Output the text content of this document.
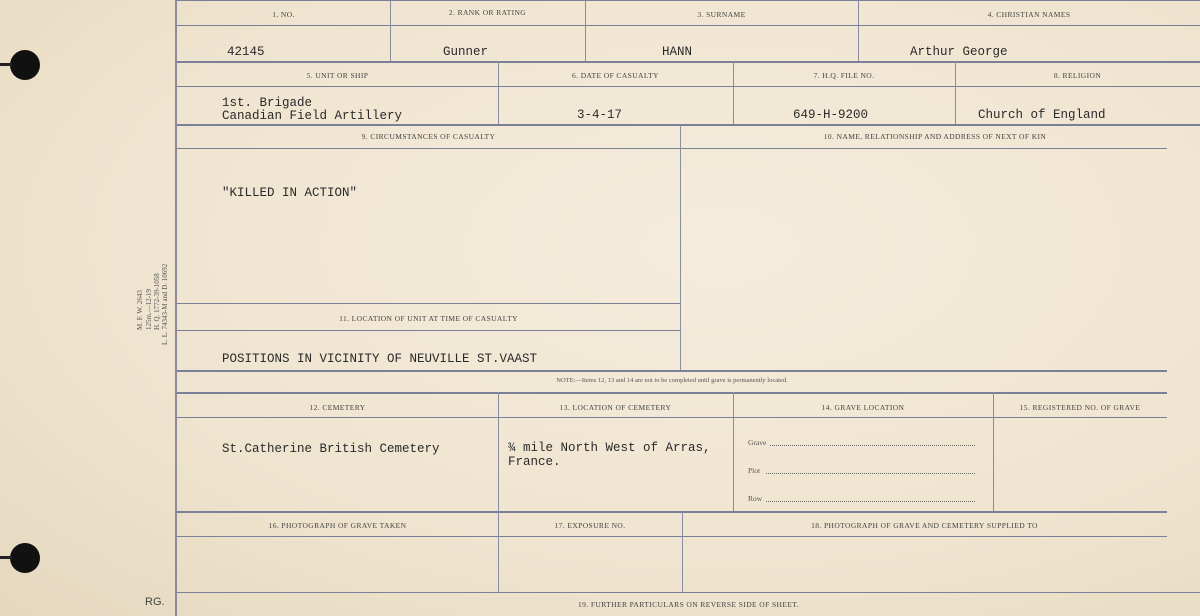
M. F. W. 2643 125m.—12-19 H. Q. 1772-39-1058 L. L. 74343-M and D. 10692
RG.
1. NO.	2. RANK OR RATING	3. SURNAME	4. CHRISTIAN NAMES
42145	Gunner	HANN	Arthur George
5. UNIT OR SHIP	6. DATE OF CASUALTY	7. H.Q. FILE NO.	8. RELIGION
1st. Brigade
Canadian Field Artillery	3-4-17	649-H-9200	Church of England
9. CIRCUMSTANCES OF CASUALTY	10. NAME, RELATIONSHIP AND ADDRESS OF NEXT OF KIN
"KILLED IN ACTION"
11. LOCATION OF UNIT AT TIME OF CASUALTY
POSITIONS IN VICINITY OF NEUVILLE ST.VAAST
NOTE:—Items 12, 13 and 14 are not to be completed until grave is permanently located.
12. CEMETERY	13. LOCATION OF CEMETERY	14. GRAVE LOCATION	15. REGISTERED NO. OF GRAVE
St.Catherine British Cemetery	¾ mile North West of Arras,
France.
Grave
Plot
Row
16. PHOTOGRAPH OF GRAVE TAKEN	17. EXPOSURE NO.	18. PHOTOGRAPH OF GRAVE AND CEMETERY SUPPLIED TO
19. FURTHER PARTICULARS ON REVERSE SIDE OF SHEET.
